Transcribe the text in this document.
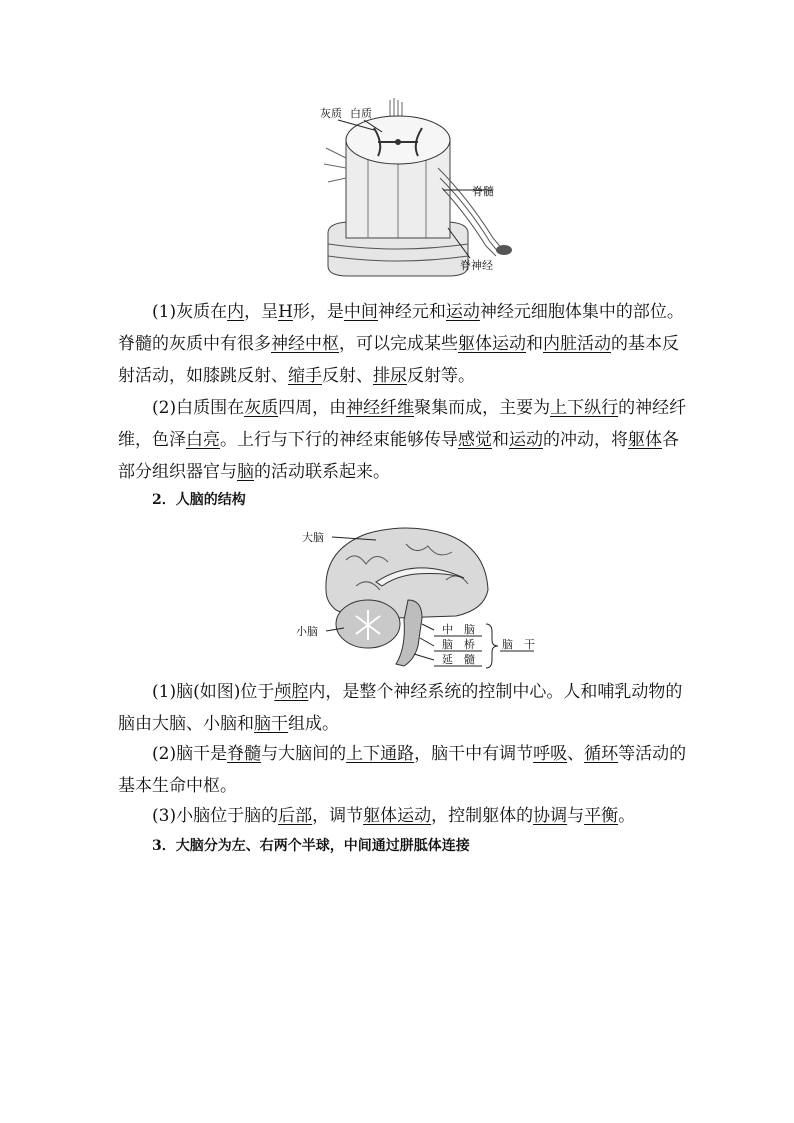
灰质 白质
脊髓
脊神经

(1)灰质在内，呈H形，是中间神经元和运动神经元细胞体集中的部位。脊髓的灰质中有很多神经中枢，可以完成某些躯体运动和内脏活动的基本反射活动，如膝跳反射、缩手反射、排尿反射等。

(2)白质围在灰质四周，由神经纤维聚集而成，主要为上下纵行的神经纤维，色泽白亮。上行与下行的神经束能够传导感觉和运动的冲动，将躯体各部分组织器官与脑的活动联系起来。

2．人脑的结构

大脑
小脑	中　脑
脑　桥
延　髓
脑　干

(1)脑(如图)位于颅腔内，是整个神经系统的控制中心。人和哺乳动物的脑由大脑、小脑和脑干组成。

(2)脑干是脊髓与大脑间的上下通路，脑干中有调节呼吸、循环等活动的基本生命中枢。

(3)小脑位于脑的后部，调节躯体运动，控制躯体的协调与平衡。

3．大脑分为左、右两个半球，中间通过胼胝体连接
